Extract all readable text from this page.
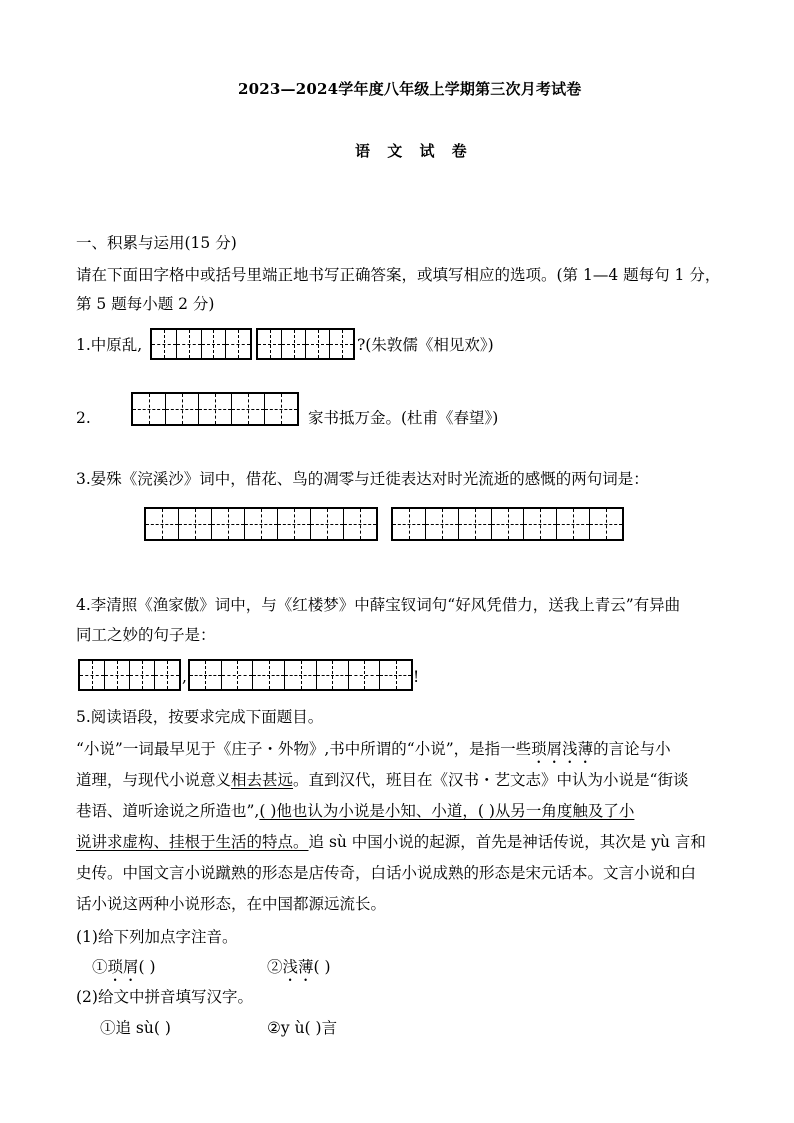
2023—2024学年度八年级上学期第三次月考试卷
语 文 试 卷
一、积累与运用(15 分)
请在下面田字格中或括号里端正地书写正确答案，或填写相应的选项。(第 1—4 题每句 1 分，
第 5 题每小题 2 分)
1.中原乱,	?(朱敦儒《相见欢》)
2.	家书抵万金。(杜甫《春望》)
3.晏殊《浣溪沙》词中，借花、鸟的凋零与迁徙表达对时光流逝的感慨的两句词是：
4.李清照《渔家傲》词中，与《红楼梦》中薛宝钗词句“好风凭借力，送我上青云”有异曲
同工之妙的句子是：
,	!
5.阅读语段，按要求完成下面题目。
“小说”一词最早见于《庄子・外物》,书中所谓的“小说”，是指一些琐屑浅薄的言论与小
道理，与现代小说意义相去甚远。直到汉代，班目在《汉书・艺文志》中认为小说是“街谈
巷语、道听途说之所造也”,( )他也认为小说是小知、小道，( )从另一角度触及了小
说讲求虚构、挂根于生活的特点。追 sù 中国小说的起源，首先是神话传说，其次是 yù 言和
史传。中国文言小说蹴熟的形态是店传奇，白话小说成熟的形态是宋元话本。文言小说和白
话小说这两种小说形态，在中国都源远流长。
(1)给下列加点字注音。
①琐屑( )	②浅薄( )
(2)给文中拼音填写汉字。
①追 sù( )	②y ù( )言
